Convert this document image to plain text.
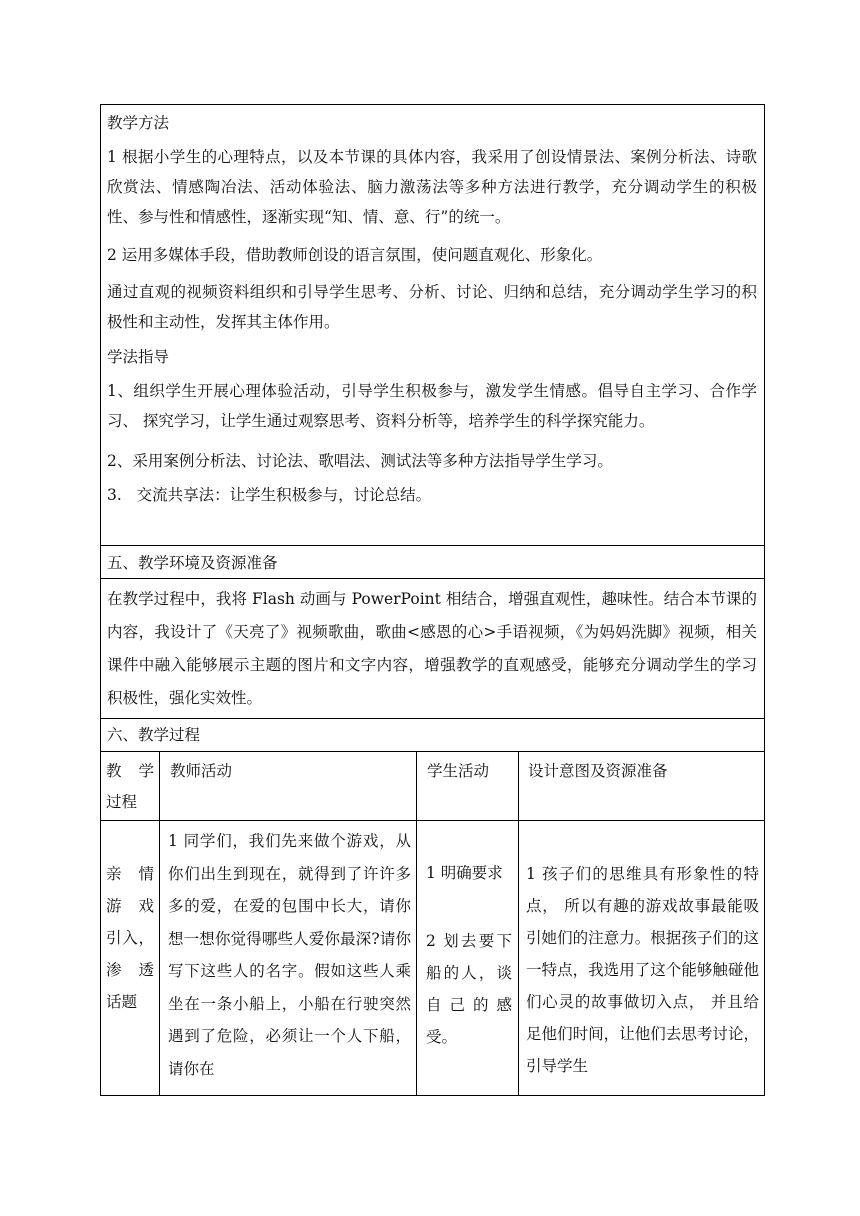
教学方法
1 根据小学生的心理特点，以及本节课的具体内容，我采用了创设情景法、案例分析法、诗歌欣赏法、情感陶冶法、活动体验法、脑力激荡法等多种方法进行教学，充分调动学生的积极性、参与性和情感性，逐渐实现“知、情、意、行”的统一。
2 运用多媒体手段，借助教师创设的语言氛围，使问题直观化、形象化。
通过直观的视频资料组织和引导学生思考、分析、讨论、归纳和总结，充分调动学生学习的积极性和主动性，发挥其主体作用。
学法指导
1、组织学生开展心理体验活动，引导学生积极参与，激发学生情感。倡导自主学习、合作学习、 探究学习，让学生通过观察思考、资料分析等，培养学生的科学探究能力。
2、采用案例分析法、讨论法、歌唱法、测试法等多种方法指导学生学习。
3.   交流共享法：让学生积极参与，讨论总结。
五、教学环境及资源准备
在教学过程中，我将 Flash 动画与 PowerPoint 相结合，增强直观性，趣味性。结合本节课的内容，我设计了《天亮了》视频歌曲，歌曲<感恩的心>手语视频，《为妈妈洗脚》视频，相关课件中融入能够展示主题的图片和文字内容，增强教学的直观感受，能够充分调动学生的学习积极性，强化实效性。
六、教学过程
教 学 过程
教师活动	学生活动	设计意图及资源准备
亲 情 游 戏 引入，渗 透 话题
1 同学们，我们先来做个游戏，从你们出生到现在，就得到了许许多多的爱，在爱的包围中长大，请你想一想你觉得哪些人爱你最深?请你写下这些人的名字。假如这些人乘坐在一条小船上，小船在行驶突然遇到了危险，必须让一个人下船，请你在
1 明确要求
2 划去要下船的人，谈自 己 的 感受。
1 孩子们的思维具有形象性的特点， 所以有趣的游戏故事最能吸引她们的注意力。根据孩子们的这一特点，我选用了这个能够触碰他们心灵的故事做切入点， 并且给足他们时间，让他们去思考讨论， 引导学生
